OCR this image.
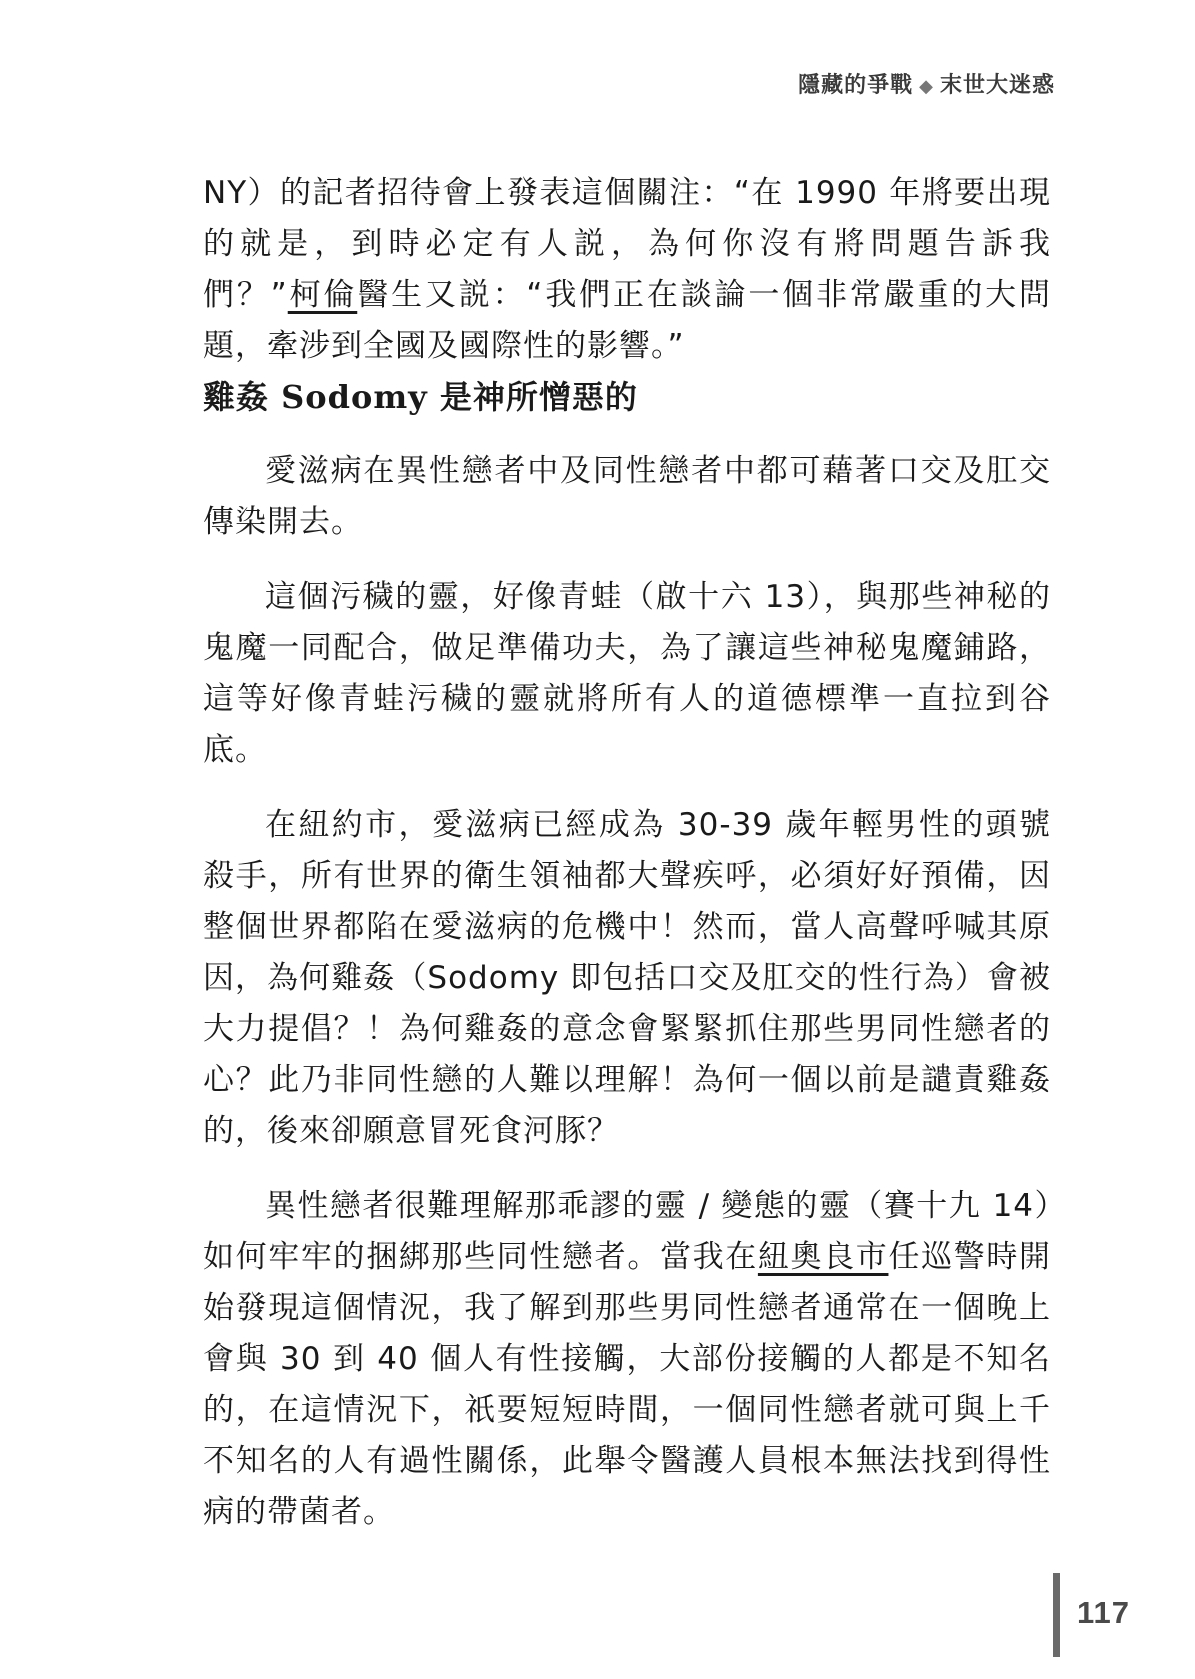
隱藏的爭戰 ◆ 末世大迷惑

NY）的記者招待會上發表這個關注：“在 1990 年將要出現的就是，到時必定有人説，為何你沒有將問題告訴我們？”柯倫醫生又説：“我們正在談論一個非常嚴重的大問題，牽涉到全國及國際性的影響。”

雞姦 Sodomy 是神所憎惡的

愛滋病在異性戀者中及同性戀者中都可藉著口交及肛交傳染開去。

這個污穢的靈，好像青蛙（啟十六 13），與那些神秘的鬼魔一同配合，做足準備功夫，為了讓這些神秘鬼魔鋪路，這等好像青蛙污穢的靈就將所有人的道德標準一直拉到谷底。

在紐約市，愛滋病已經成為 30-39 歲年輕男性的頭號殺手，所有世界的衛生領袖都大聲疾呼，必須好好預備，因整個世界都陷在愛滋病的危機中！然而，當人高聲呼喊其原因，為何雞姦（Sodomy 即包括口交及肛交的性行為）會被大力提倡？！為何雞姦的意念會緊緊抓住那些男同性戀者的心？此乃非同性戀的人難以理解！為何一個以前是譴責雞姦的，後來卻願意冒死食河豚？

異性戀者很難理解那乖謬的靈 / 變態的靈（賽十九 14）如何牢牢的捆綁那些同性戀者。當我在紐奧良市任巡警時開始發現這個情況，我了解到那些男同性戀者通常在一個晚上會與 30 到 40 個人有性接觸，大部份接觸的人都是不知名的，在這情況下，祇要短短時間，一個同性戀者就可與上千不知名的人有過性關係，此舉令醫護人員根本無法找到得性病的帶菌者。

117
